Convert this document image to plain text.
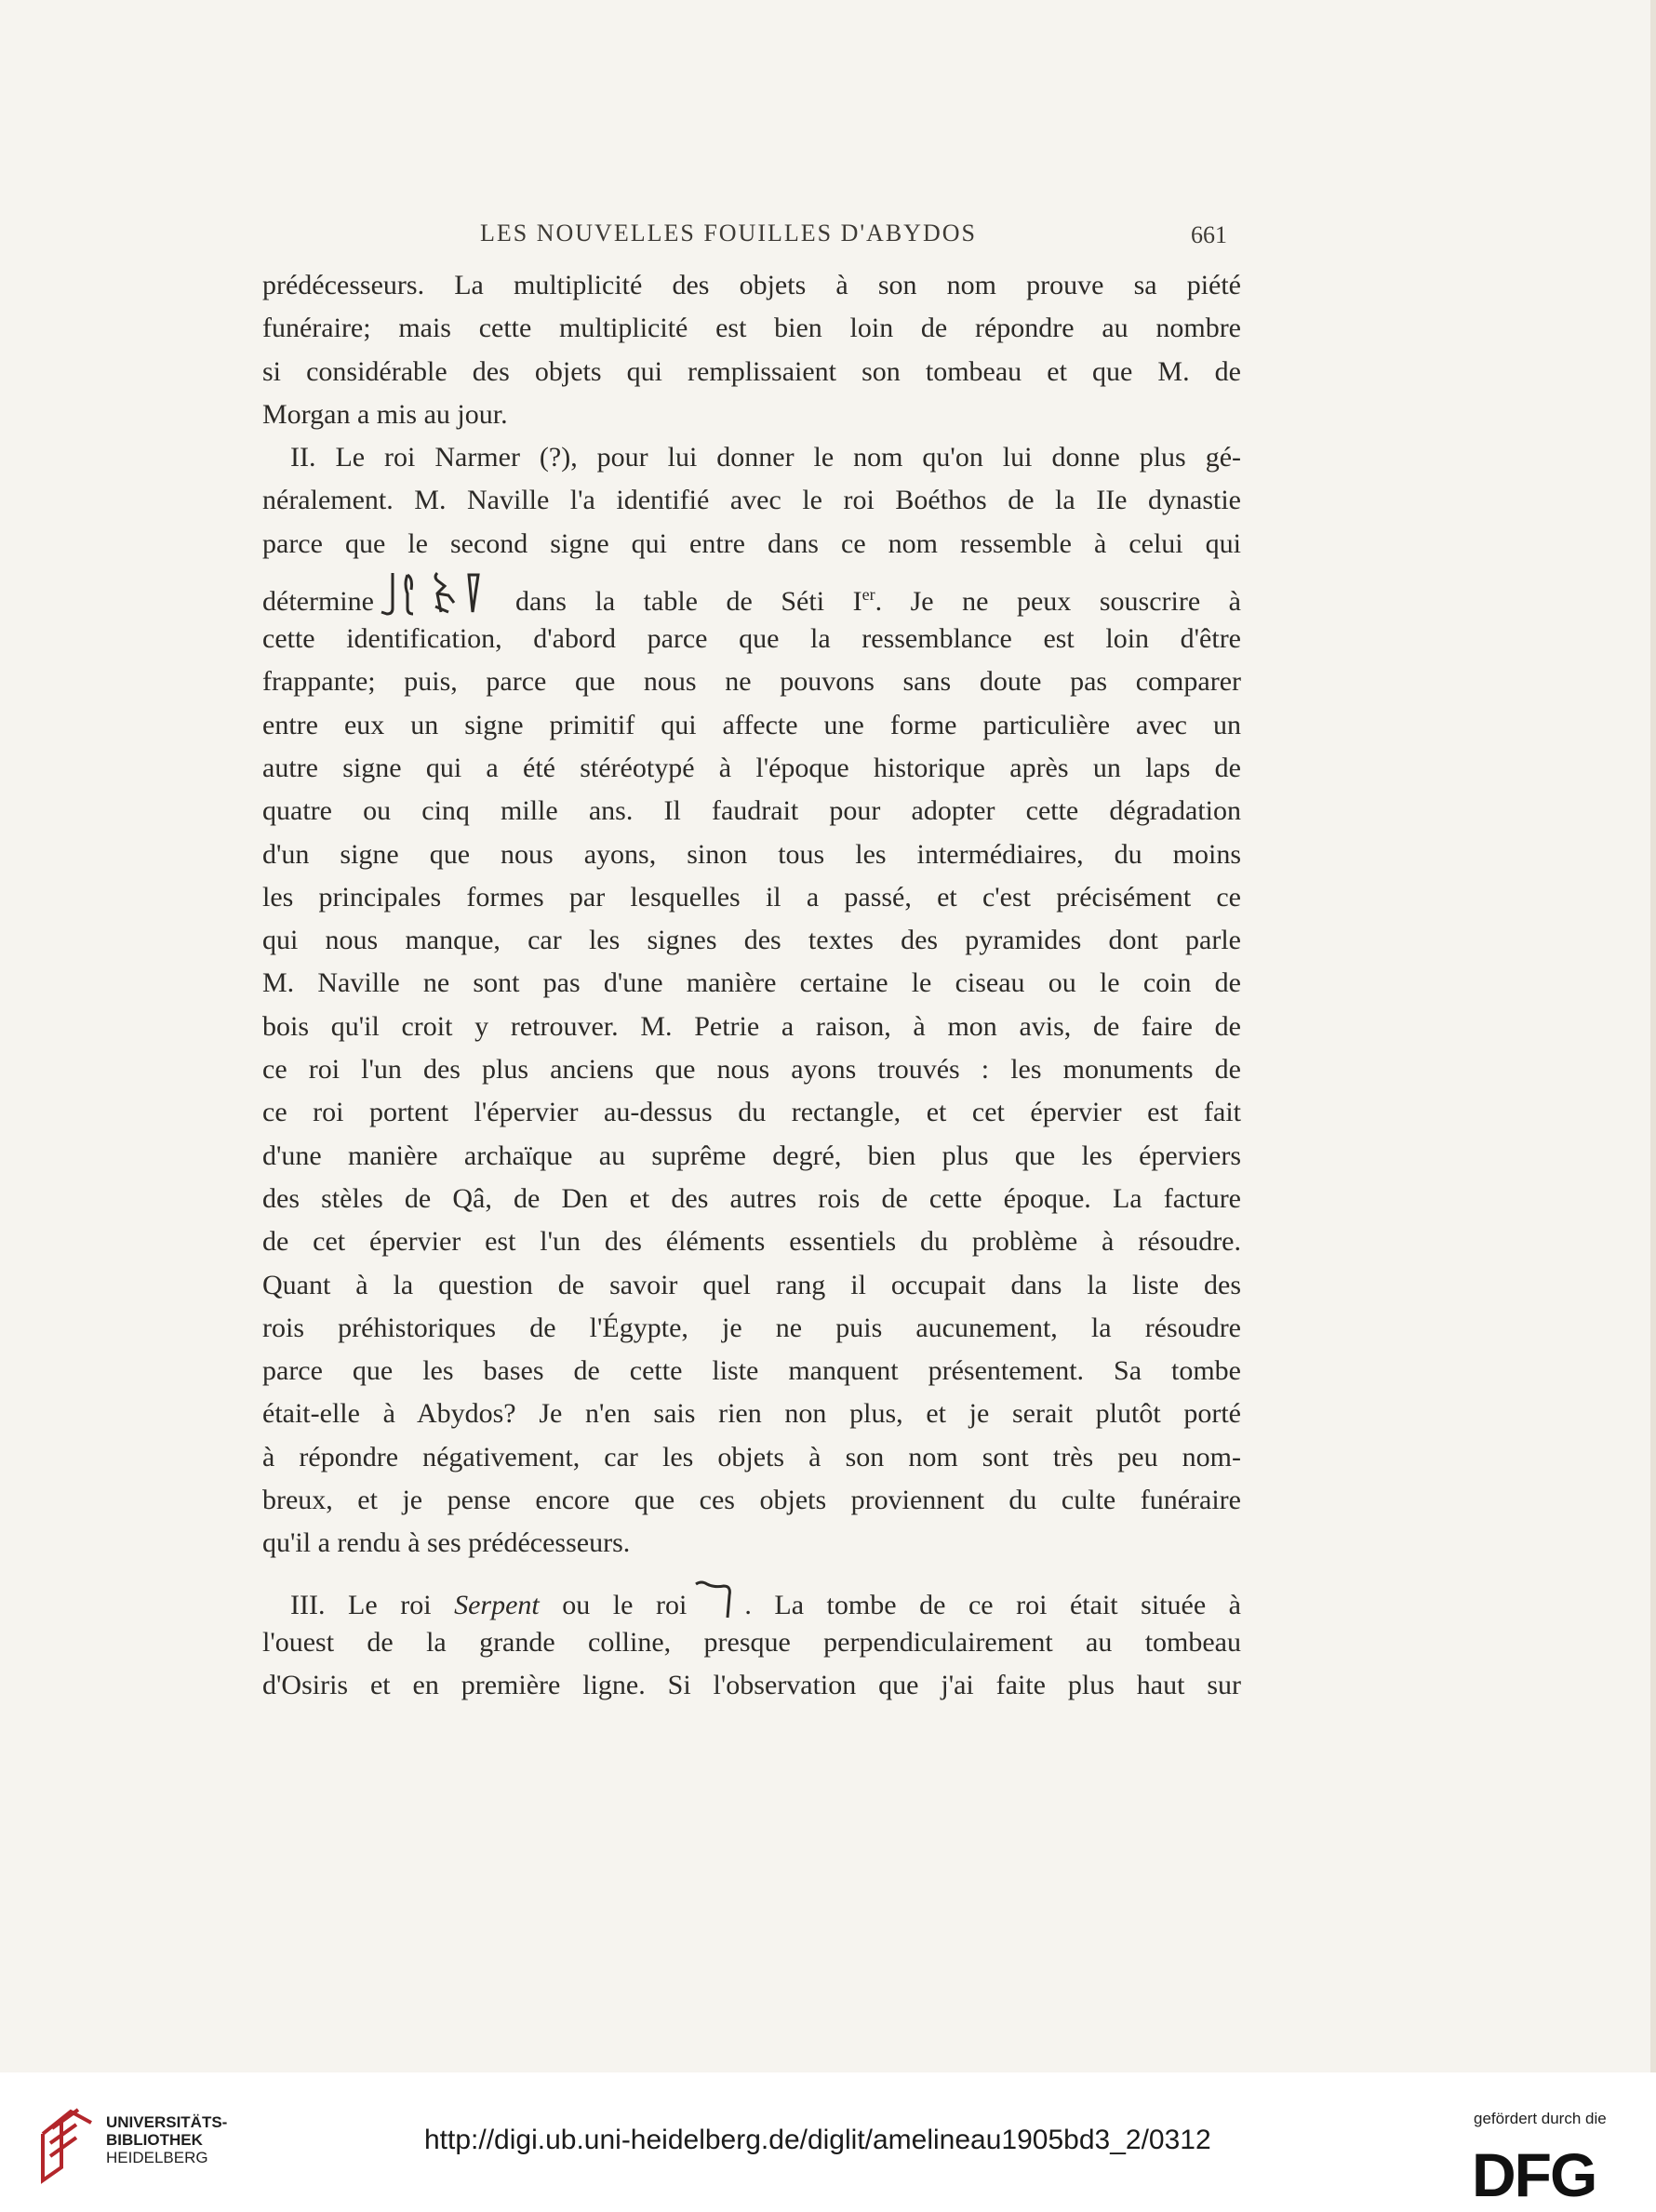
LES NOUVELLES FOUILLES D'ABYDOS	661
prédécesseurs. La multiplicité des objets à son nom prouve sa piété
funéraire; mais cette multiplicité est bien loin de répondre au nombre
si considérable des objets qui remplissaient son tombeau et que M. de
Morgan a mis au jour.
II. Le roi Narmer (?), pour lui donner le nom qu'on lui donne plus gé-
néralement. M. Naville l'a identifié avec le roi Boéthos de la IIe dynastie
parce que le second signe qui entre dans ce nom ressemble à celui qui
détermine	dans la table de Séti Ier. Je ne peux souscrire à
cette identification, d'abord parce que la ressemblance est loin d'être
frappante; puis, parce que nous ne pouvons sans doute pas comparer
entre eux un signe primitif qui affecte une forme particulière avec un
autre signe qui a été stéréotypé à l'époque historique après un laps de
quatre ou cinq mille ans. Il faudrait pour adopter cette dégradation
d'un signe que nous ayons, sinon tous les intermédiaires, du moins
les principales formes par lesquelles il a passé, et c'est précisément ce
qui nous manque, car les signes des textes des pyramides dont parle
M. Naville ne sont pas d'une manière certaine le ciseau ou le coin de
bois qu'il croit y retrouver. M. Petrie a raison, à mon avis, de faire de
ce roi l'un des plus anciens que nous ayons trouvés : les monuments de
ce roi portent l'épervier au-dessus du rectangle, et cet épervier est fait
d'une manière archaïque au suprême degré, bien plus que les éperviers
des stèles de Qâ, de Den et des autres rois de cette époque. La facture
de cet épervier est l'un des éléments essentiels du problème à résoudre.
Quant à la question de savoir quel rang il occupait dans la liste des
rois préhistoriques de l'Égypte, je ne puis aucunement, la résoudre
parce que les bases de cette liste manquent présentement. Sa tombe
était-elle à Abydos? Je n'en sais rien non plus, et je serait plutôt porté
à répondre négativement, car les objets à son nom sont très peu nom-
breux, et je pense encore que ces objets proviennent du culte funéraire
qu'il a rendu à ses prédécesseurs.
III. Le roi Serpent ou le roi . La tombe de ce roi était située à
l'ouest de la grande colline, presque perpendiculairement au tombeau
d'Osiris et en première ligne. Si l'observation que j'ai faite plus haut sur
UNIVERSITÄTS-
BIBLIOTHEK
HEIDELBERG
http://digi.ub.uni-heidelberg.de/diglit/amelineau1905bd3_2/0312
gefördert durch die
DFG
